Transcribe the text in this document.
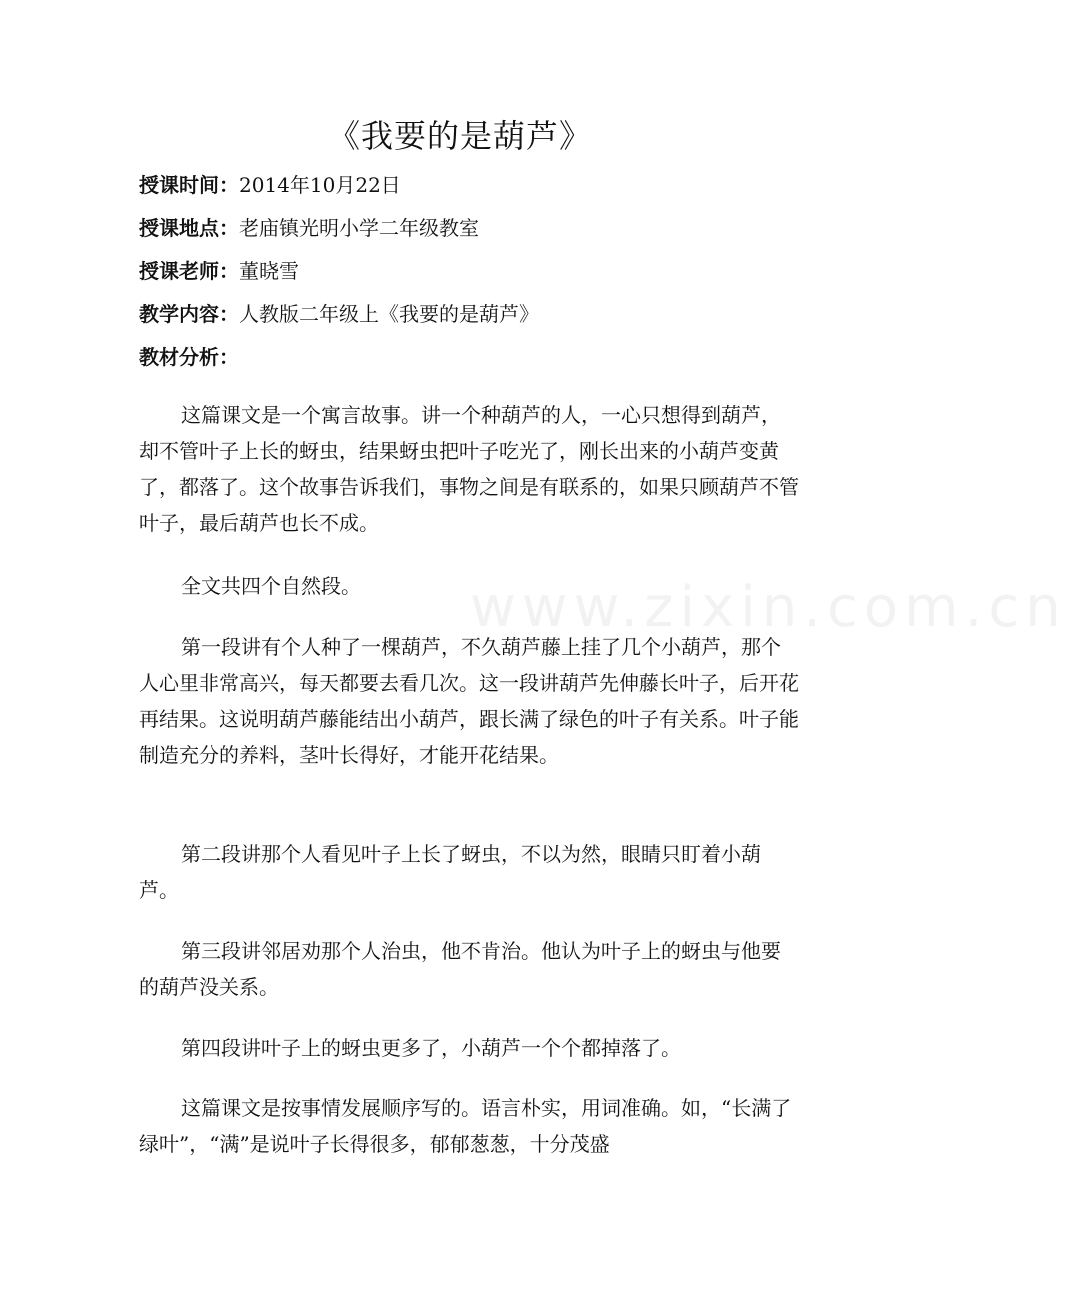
《我要的是葫芦》
授课时间：2014年10月22日
授课地点：老庙镇光明小学二年级教室
授课老师：董晓雪
教学内容：人教版二年级上《我要的是葫芦》
教材分析：

这篇课文是一个寓言故事。讲一个种葫芦的人，一心只想得到葫芦，却不管叶子上长的蚜虫，结果蚜虫把叶子吃光了，刚长出来的小葫芦变黄了，都落了。这个故事告诉我们，事物之间是有联系的，如果只顾葫芦不管叶子，最后葫芦也长不成。

全文共四个自然段。

第一段讲有个人种了一棵葫芦，不久葫芦藤上挂了几个小葫芦，那个人心里非常高兴，每天都要去看几次。这一段讲葫芦先伸藤长叶子，后开花再结果。这说明葫芦藤能结出小葫芦，跟长满了绿色的叶子有关系。叶子能制造充分的养料，茎叶长得好，才能开花结果。

第二段讲那个人看见叶子上长了蚜虫，不以为然，眼睛只盯着小葫芦。

第三段讲邻居劝那个人治虫，他不肯治。他认为叶子上的蚜虫与他要的葫芦没关系。

第四段讲叶子上的蚜虫更多了，小葫芦一个个都掉落了。

这篇课文是按事情发展顺序写的。语言朴实，用词准确。如，“长满了绿叶”，“满”是说叶子长得很多，郁郁葱葱，十分茂盛

www.zixin.com.cn
